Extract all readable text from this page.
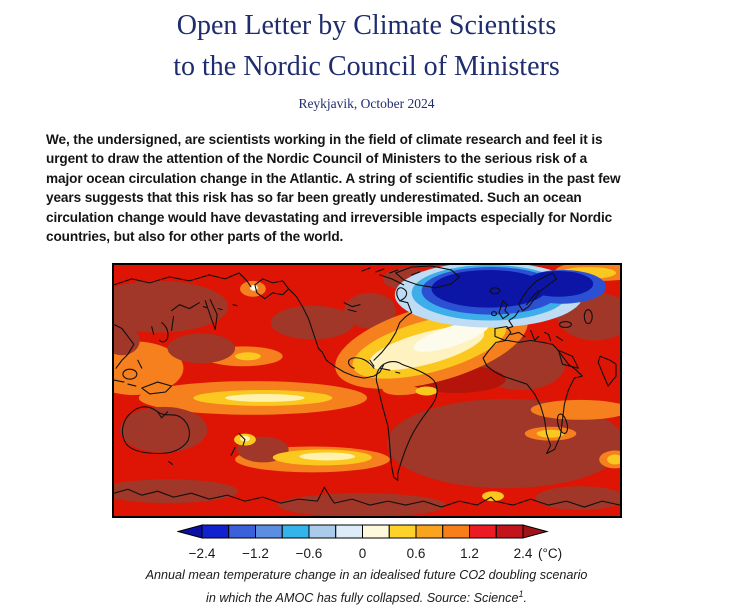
Open Letter by Climate Scientists
to the Nordic Council of Ministers
Reykjavik, October 2024
We, the undersigned, are scientists working in the field of climate research and feel it is
urgent to draw the attention of the Nordic Council of Ministers to the serious risk of a
major ocean circulation change in the Atlantic. A string of scientific studies in the past few
years suggests that this risk has so far been greatly underestimated. Such an ocean
circulation change would have devastating and irreversible impacts especially for Nordic
countries, but also for other parts of the world.
−2.4 −1.2 −0.6	0	0.6	1.2	2.4 (°C)
Annual mean temperature change in an idealised future CO2 doubling scenario
in which the AMOC has fully collapsed. Source: Science$^1$.
